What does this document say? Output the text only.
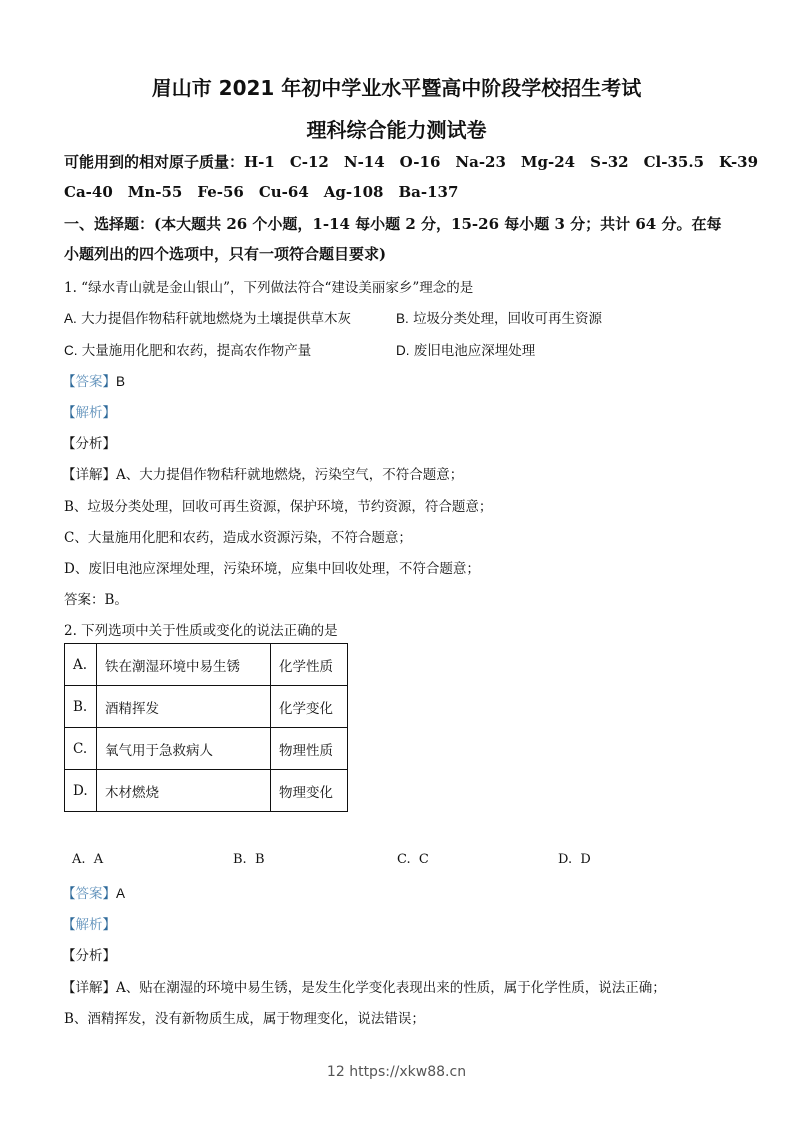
眉山市 2021 年初中学业水平暨高中阶段学校招生考试
理科综合能力测试卷
可能用到的相对原子质量：H-1　C-12　N-14　O-16　Na-23　Mg-24　S-32　Cl-35.5　K-39
Ca-40　Mn-55　Fe-56　Cu-64　Ag-108　Ba-137
一、选择题：(本大题共 26 个小题，1-14 每小题 2 分，15-26 每小题 3 分；共计 64 分。在每
小题列出的四个选项中，只有一项符合题目要求)
1. “绿水青山就是金山银山”，下列做法符合“建设美丽家乡”理念的是
A. 大力提倡作物秸秆就地燃烧为土壤提供草木灰	B. 垃圾分类处理，回收可再生资源
C. 大量施用化肥和农药，提高农作物产量	D. 废旧电池应深埋处理
【答案】B
【解析】
【分析】
【详解】A、大力提倡作物秸秆就地燃烧，污染空气，不符合题意；
B、垃圾分类处理，回收可再生资源，保护环境，节约资源，符合题意；
C、大量施用化肥和农药，造成水资源污染，不符合题意；
D、废旧电池应深埋处理，污染环境，应集中回收处理，不符合题意；
答案：B。
2. 下列选项中关于性质或变化的说法正确的是
A.	铁在潮湿环境中易生锈	化学性质
B.	酒精挥发	化学变化
C.	氧气用于急救病人	物理性质
D.	木材燃烧	物理变化
A. A	B. B	C. C	D. D
【答案】A
【解析】
【分析】
【详解】A、贴在潮湿的环境中易生锈，是发生化学变化表现出来的性质，属于化学性质，说法正确；
B、酒精挥发，没有新物质生成，属于物理变化，说法错误；
12 https://xkw88.cn
